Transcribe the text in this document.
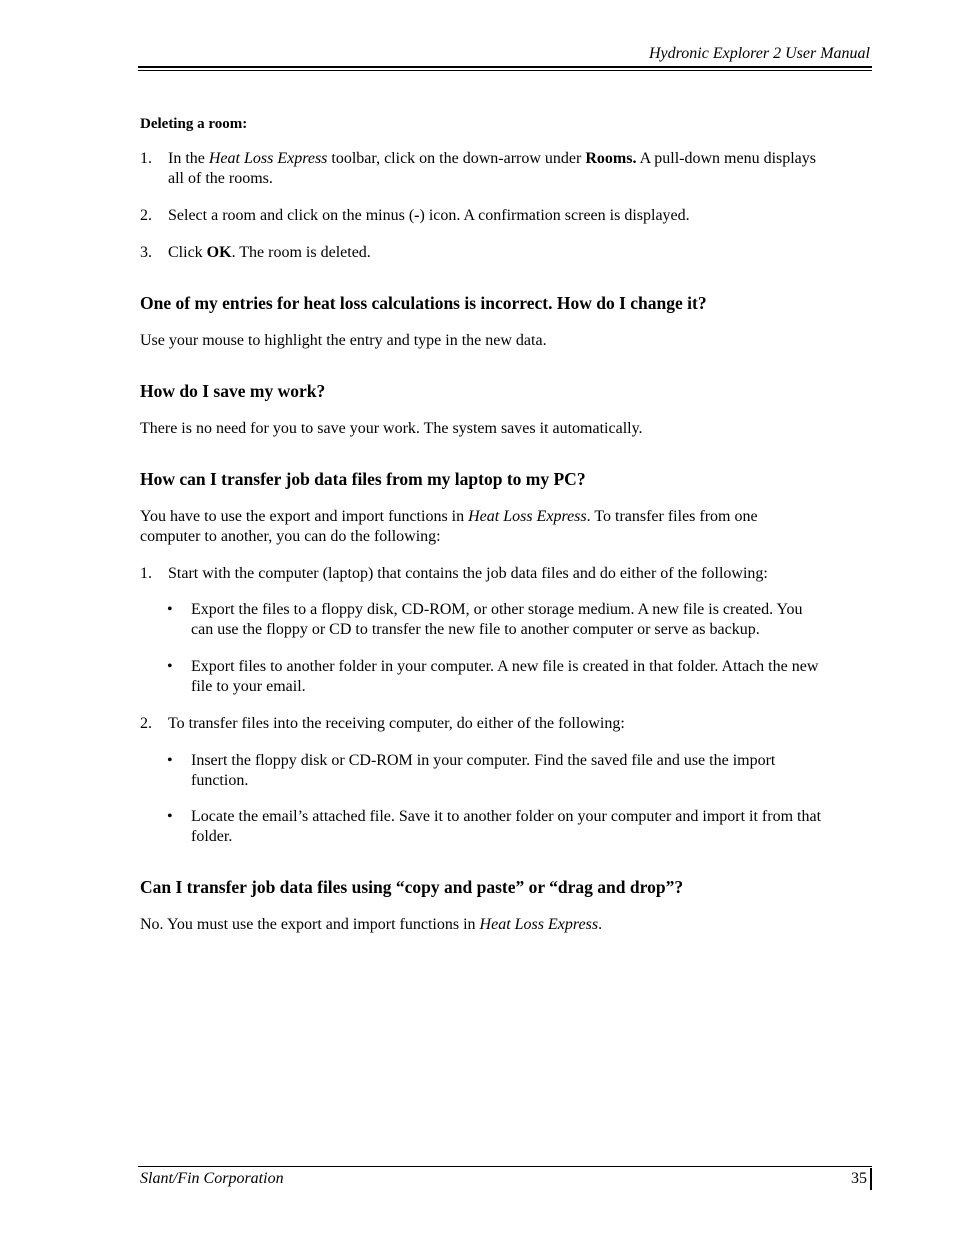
Hydronic Explorer 2 User Manual
Deleting a room:
1. In the Heat Loss Express toolbar, click on the down-arrow under Rooms. A pull-down menu displays
all of the rooms.
2. Select a room and click on the minus (-) icon. A confirmation screen is displayed.
3. Click OK. The room is deleted.
One of my entries for heat loss calculations is incorrect. How do I change it?
Use your mouse to highlight the entry and type in the new data.
How do I save my work?
There is no need for you to save your work. The system saves it automatically.
How can I transfer job data files from my laptop to my PC?
You have to use the export and import functions in Heat Loss Express. To transfer files from one
computer to another, you can do the following:
1. Start with the computer (laptop) that contains the job data files and do either of the following:
• Export the files to a floppy disk, CD-ROM, or other storage medium. A new file is created. You
can use the floppy or CD to transfer the new file to another computer or serve as backup.
• Export files to another folder in your computer. A new file is created in that folder. Attach the new
file to your email.
2. To transfer files into the receiving computer, do either of the following:
• Insert the floppy disk or CD-ROM in your computer. Find the saved file and use the import
function.
• Locate the email’s attached file. Save it to another folder on your computer and import it from that
folder.
Can I transfer job data files using “copy and paste” or “drag and drop”?
No. You must use the export and import functions in Heat Loss Express.
Slant/Fin Corporation	35
